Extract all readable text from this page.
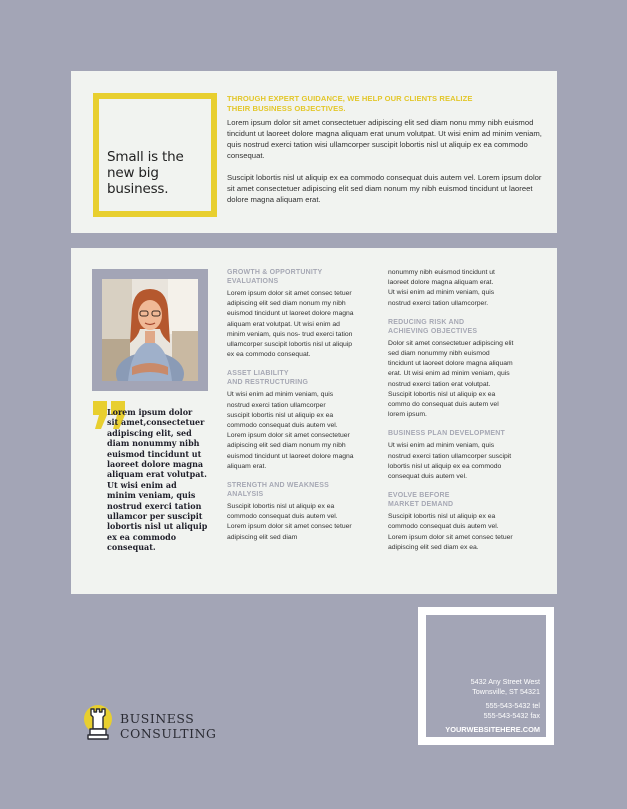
Small is the
new big
business.
THROUGH EXPERT GUIDANCE, WE HELP OUR CLIENTS REALIZE
THEIR BUSINESS OBJECTIVES.
Lorem ipsum dolor sit amet consectetuer adipiscing elit sed diam nonu mmy nibh euismod tincidunt ut laoreet dolore magna aliquam erat unum volutpat. Ut wisi enim ad minim veniam, quis nostrud exerci tation wisi ullamcorper suscipit lobortis nisl ut aliquip ex ea commodo consequat.
Suscipit lobortis nisl ut aliquip ex ea commodo consequat duis autem vel. Lorem ipsum dolor sit amet consectetuer adipiscing elit sed diam nonum my nibh euismod tincidunt ut laoreet dolore magna aliquam erat.
Lorem ipsum dolor
sit amet,consectetuer
adipiscing elit, sed
diam nonummy nibh
euismod tincidunt ut
laoreet dolore magna
aliquam erat volutpat.
Ut wisi enim ad
minim veniam, quis
nostrud exerci tation
ullamcor per suscipit
lobortis nisl ut aliquip
ex ea commodo
consequat.
GROWTH & OPPORTUNITY
EVALUATIONS
Lorem ipsum dolor sit amet consec tetuer
adipiscing elit sed diam nonum my nibh
euismod tincidunt ut laoreet dolore magna
aliquam erat volutpat. Ut wisi enim ad
minim veniam, quis nos- trud exerci tation
ullamcorper suscipit lobortis nisl ut aliquip
ex ea commodo consequat.
ASSET LIABILITY
AND RESTRUCTURING
Ut wisi enim ad minim veniam, quis
nostrud exerci tation ullamcorper
suscipit lobortis nisl ut aliquip ex ea
commodo consequat duis autem vel.
Lorem ipsum dolor sit amet consectetuer
adipiscing elit sed diam nonum my nibh
euismod tincidunt ut laoreet dolore magna
aliquam erat.
STRENGTH AND WEAKNESS
ANALYSIS
Suscipit lobortis nisl ut aliquip ex ea
commodo consequat duis autem vel.
Lorem ipsum dolor sit amet consec tetuer
adipiscing elit sed diam
nonummy nibh euismod tincidunt ut
laoreet dolore magna aliquam erat.
Ut wisi enim ad minim veniam, quis
nostrud exerci tation ullamcorper.
REDUCING RISK AND
ACHIEVING OBJECTIVES
Dolor sit amet consectetuer adipiscing elit
sed diam nonummy nibh euismod
tincidunt ut laoreet dolore magna aliquam
erat. Ut wisi enim ad minim veniam, quis
nostrud exerci tation erat volutpat.
Suscipit lobortis nisl ut aliquip ex ea
commo do consequat duis autem vel
lorem ipsum.
BUSINESS PLAN DEVELOPMENT
Ut wisi enim ad minim veniam, quis
nostrud exerci tation ullamcorper suscipit
lobortis nisl ut aliquip ex ea commodo
consequat duis autem vel.
EVOLVE BEFORE
MARKET DEMAND
Suscipit lobortis nisl ut aliquip ex ea
commodo consequat duis autem vel.
Lorem ipsum dolor sit amet consec tetuer
adipiscing elit sed diam ex ea.
5432 Any Street West
Townsville, ST 54321
555-543-5432 tel
555-543-5432 fax
YOURWEBSITEHERE.COM
BUSINESS
CONSULTING
